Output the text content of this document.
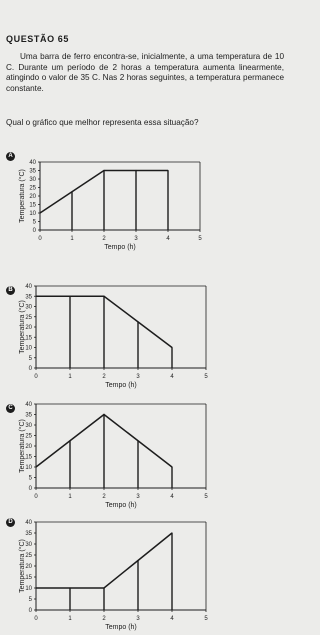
QUESTÃO 65

Uma barra de ferro encontra-se, inicialmente, a uma temperatura de 10 C. Durante um período de 2 horas a temperatura aumenta linearmente, atingindo o valor de 35 C. Nas 2 horas seguintes, a temperatura permanece constante.

Qual o gráfico que melhor representa essa situação?
A
0
5
10
15
20
25
30
35
40
0	1	2	3	4	5
Tempo (h)
Temperatura (°C)
B
0
5
10
15
20
25
30
35
40
0	1	2	3	4	5
Tempo (h)
Temperatura (°C)
C
0
5
10
15
20
25
30
35
40
0	1	2	3	4	5
Tempo (h)
Temperatura (°C)
D
0
5
10
15
20
25
30
35
40
0	1	2	3	4	5
Tempo (h)
Temperatura (°C)
